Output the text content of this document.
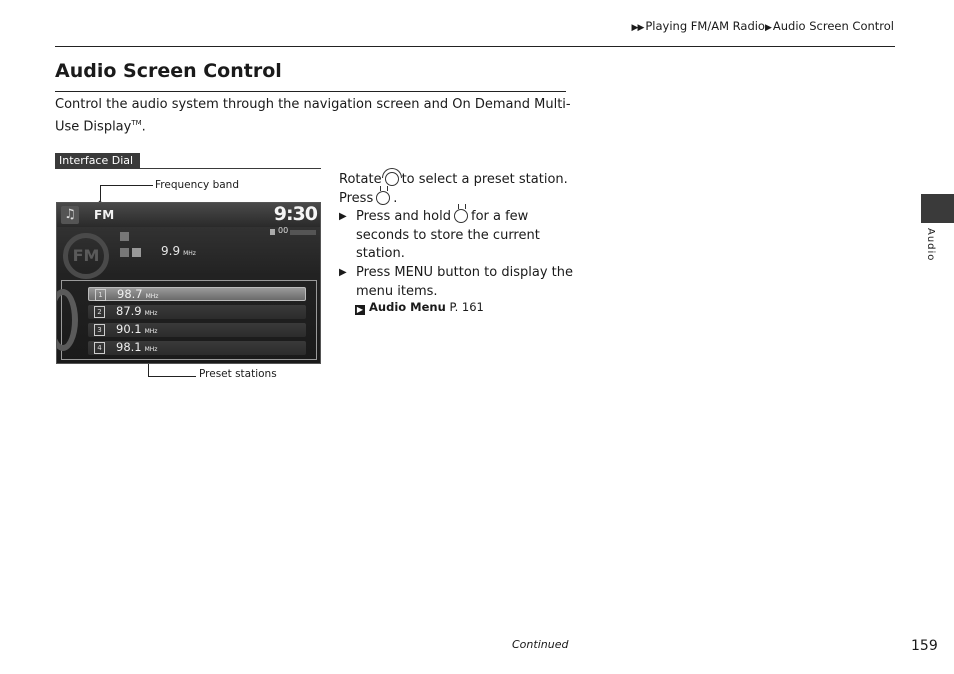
▶▶ Playing FM/AM Radio▶ Audio Screen Control
Audio Screen Control

Control the audio system through the navigation screen and On Demand Multi-Use Display™.

Interface Dial
Frequency band
♫ FM	9:30
FM	9.9 MHz
00
1 98.7 MHz
2 87.9 MHz
3 90.1 MHz
4 98.1 MHz
Preset stations

Rotate to select a preset station.

Press .

▶ Press and hold for a few seconds to store the current station.

▶ Press MENU button to display the menu items.

▶ Audio Menu P. 161
Audio
Continued	159
